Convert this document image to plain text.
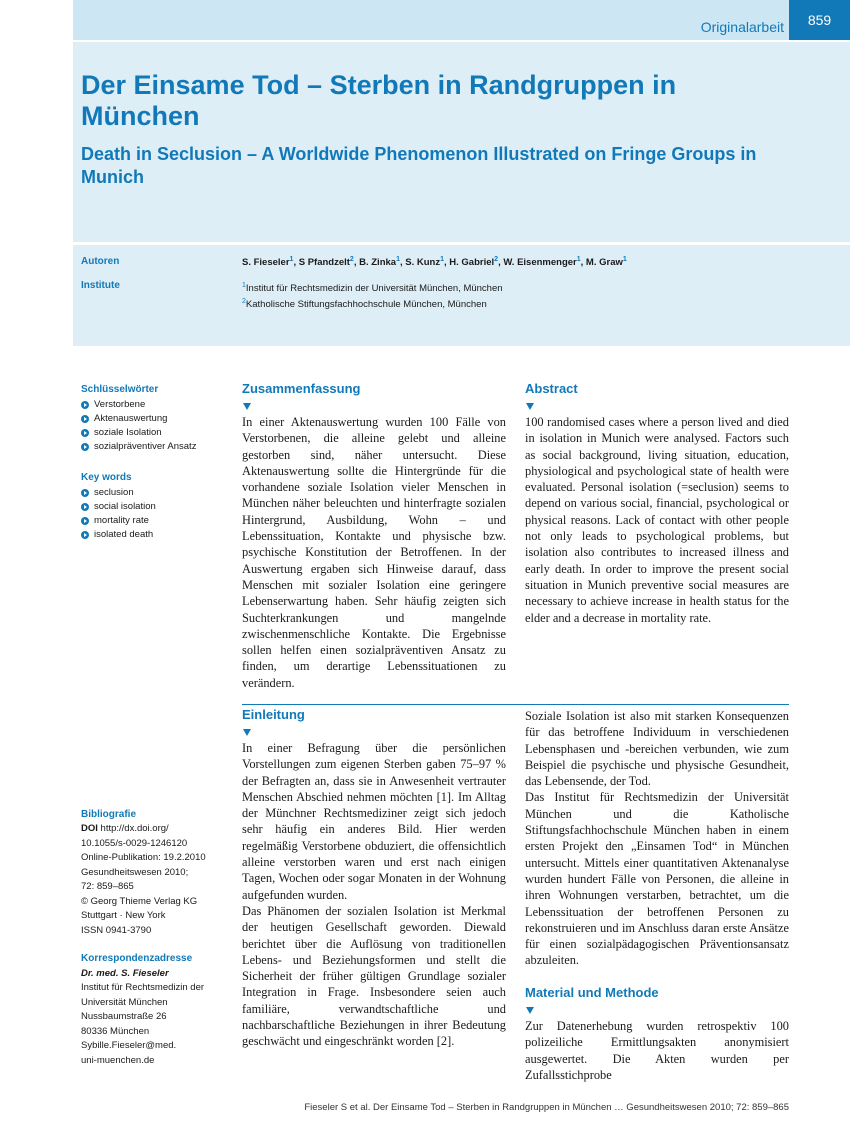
Originalarbeit	859
Der Einsame Tod – Sterben in Randgruppen in München
Death in Seclusion – A Worldwide Phenomenon Illustrated on Fringe Groups in Munich
Autoren	S. Fieseler$^1$, S Pfandzelt$^2$, B. Zinka$^1$, S. Kunz$^1$, H. Gabriel$^2$, W. Eisenmenger$^1$, M. Graw$^1$
Institute	$^1$Institut für Rechtsmedizin der Universität München, München
$^2$Katholische Stiftungsfachhochschule München, München
Schlüsselwörter
Verstorbene
Aktenauswertung
soziale Isolation
sozialpräventiver Ansatz
Key words
seclusion
social isolation
mortality rate
isolated death
Bibliografie
DOI http://dx.doi.org/
10.1055/s-0029-1246120
Online-Publikation: 19.2.2010
Gesundheitswesen 2010;
72: 859–865
© Georg Thieme Verlag KG
Stuttgart · New York
ISSN 0941-3790
Korrespondenzadresse
Dr. med. S. Fieseler
Institut für Rechtsmedizin der
Universität München
Nussbaumstraße 26
80336 München
Sybille.Fieseler@med.
uni-muenchen.de
Zusammenfassung
In einer Aktenauswertung wurden 100 Fälle von Verstorbenen, die alleine gelebt und alleine gestorben sind, näher untersucht. Diese Aktenauswertung sollte die Hintergründe für die vorhandene soziale Isolation vieler Menschen in München näher beleuchten und hinterfragte sozialen Hintergrund, Ausbildung, Wohn – und Lebenssituation, Kontakte und physische bzw. psychische Konstitution der Betroffenen. In der Auswertung ergaben sich Hinweise darauf, dass Menschen mit sozialer Isolation eine geringere Lebenserwartung haben. Sehr häufig zeigten sich Suchterkrankungen und mangelnde zwischenmenschliche Kontakte. Die Ergebnisse sollen helfen einen sozialpräventiven Ansatz zu finden, um derartige Lebenssituationen zu verändern.
Abstract
100 randomised cases where a person lived and died in isolation in Munich were analysed. Factors such as social background, living situation, education, physiological and psychological state of health were evaluated. Personal isolation (=seclusion) seems to depend on various social, financial, psychological or physical reasons. Lack of contact with other people not only leads to psychological problems, but isolation also contributes to increased illness and early death. In order to improve the present social situation in Munich preventive social measures are necessary to achieve increase in health status for the elder and a decrease in mortality rate.
Einleitung
In einer Befragung über die persönlichen Vorstellungen zum eigenen Sterben gaben 75–97 % der Befragten an, dass sie in Anwesenheit vertrauter Menschen Abschied nehmen möchten [1]. Im Alltag der Münchner Rechtsmediziner zeigt sich jedoch sehr häufig ein anderes Bild. Hier werden regelmäßig Verstorbene obduziert, die offensichtlich alleine verstorben waren und erst nach einigen Tagen, Wochen oder sogar Monaten in der Wohnung aufgefunden wurden.
Das Phänomen der sozialen Isolation ist Merkmal der heutigen Gesellschaft geworden. Diewald berichtet über die Auflösung von traditionellen Lebens- und Beziehungsformen und stellt die Sicherheit der früher gültigen Grundlage sozialer Integration in Frage. Insbesondere seien auch familiäre, verwandtschaftliche und nachbarschaftliche Beziehungen in ihrer Bedeutung geschwächt und eingeschränkt worden [2].
Soziale Isolation ist also mit starken Konsequenzen für das betroffene Individuum in verschiedenen Lebensphasen und -bereichen verbunden, wie zum Beispiel die psychische und physische Gesundheit, das Lebensende, der Tod.
Das Institut für Rechtsmedizin der Universität München und die Katholische Stiftungsfachhochschule München haben in einem ersten Projekt den „Einsamen Tod“ in München untersucht. Mittels einer quantitativen Aktenanalyse wurden hundert Fälle von Personen, die alleine in ihren Wohnungen verstarben, betrachtet, um die Lebenssituation der betroffenen Personen zu rekonstruieren und im Anschluss daran erste Ansätze für einen sozialpädagogischen Präventionsansatz abzuleiten.
Material und Methode
Zur Datenerhebung wurden retrospektiv 100 polizeiliche Ermittlungsakten anonymisiert ausgewertet. Die Akten wurden per Zufallsstichprobe
Fieseler S et al. Der Einsame Tod – Sterben in Randgruppen in München … Gesundheitswesen 2010; 72: 859–865
